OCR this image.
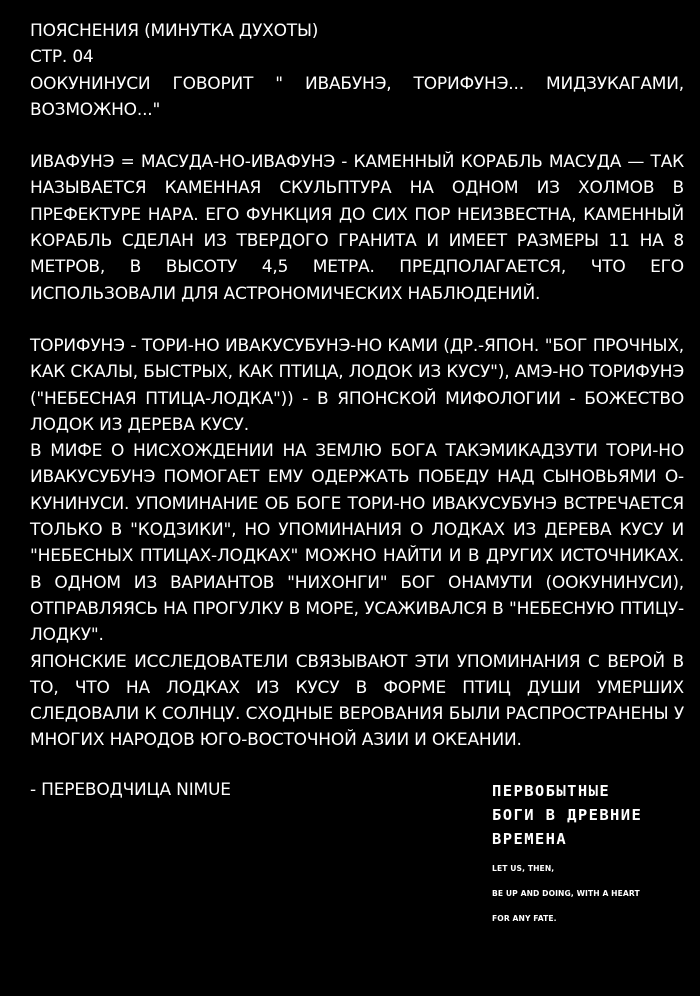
ПОЯСНЕНИЯ (МИНУТКА ДУХОТЫ)

СТР. 04

ООКУНИНУСИ ГОВОРИТ " ИВАБУНЭ, ТОРИФУНЭ... МИДЗУКАГАМИ, ВОЗМОЖНО..."

ИВАФУНЭ = МАСУДА-НО-ИВАФУНЭ - КАМЕННЫЙ КОРАБЛЬ МАСУДА — ТАК НАЗЫВАЕТСЯ КАМЕННАЯ СКУЛЬПТУРА НА ОДНОМ ИЗ ХОЛМОВ В ПРЕФЕКТУРЕ НАРА. ЕГО ФУНКЦИЯ ДО СИХ ПОР НЕИЗВЕСТНА, КАМЕННЫЙ КОРАБЛЬ СДЕЛАН ИЗ ТВЕРДОГО ГРАНИТА И ИМЕЕТ РАЗМЕРЫ 11 НА 8 МЕТРОВ, В ВЫСОТУ 4,5 МЕТРА. ПРЕДПОЛАГАЕТСЯ, ЧТО ЕГО ИСПОЛЬЗОВАЛИ ДЛЯ АСТРОНОМИЧЕСКИХ НАБЛЮДЕНИЙ.

ТОРИФУНЭ - ТОРИ-НО ИВАКУСУБУНЭ-НО КАМИ (ДР.-ЯПОН. "БОГ ПРОЧНЫХ, КАК СКАЛЫ, БЫСТРЫХ, КАК ПТИЦА, ЛОДОК ИЗ КУСУ"), АМЭ-НО ТОРИФУНЭ ("НЕБЕСНАЯ ПТИЦА-ЛОДКА")) - В ЯПОНСКОЙ МИФОЛОГИИ - БОЖЕСТВО ЛОДОК ИЗ ДЕРЕВА КУСУ.

В МИФЕ О НИСХОЖДЕНИИ НА ЗЕМЛЮ БОГА ТАКЭМИКАДЗУТИ ТОРИ-НО ИВАКУСУБУНЭ ПОМОГАЕТ ЕМУ ОДЕРЖАТЬ ПОБЕДУ НАД СЫНОВЬЯМИ О-КУНИНУСИ. УПОМИНАНИЕ ОБ БОГЕ ТОРИ-НО ИВАКУСУБУНЭ ВСТРЕЧАЕТСЯ ТОЛЬКО В "КОДЗИКИ", НО УПОМИНАНИЯ О ЛОДКАХ ИЗ ДЕРЕВА КУСУ И "НЕБЕСНЫХ ПТИЦАХ-ЛОДКАХ" МОЖНО НАЙТИ И В ДРУГИХ ИСТОЧНИКАХ. В ОДНОМ ИЗ ВАРИАНТОВ "НИХОНГИ" БОГ ОНАМУТИ (ООКУНИНУСИ), ОТПРАВЛЯЯСЬ НА ПРОГУЛКУ В МОРЕ, УСАЖИВАЛСЯ В "НЕБЕСНУЮ ПТИЦУ-ЛОДКУ".

ЯПОНСКИЕ ИССЛЕДОВАТЕЛИ СВЯЗЫВАЮТ ЭТИ УПОМИНАНИЯ С ВЕРОЙ В ТО, ЧТО НА ЛОДКАХ ИЗ КУСУ В ФОРМЕ ПТИЦ ДУШИ УМЕРШИХ СЛЕДОВАЛИ К СОЛНЦУ. СХОДНЫЕ ВЕРОВАНИЯ БЫЛИ РАСПРОСТРАНЕНЫ У МНОГИХ НАРОДОВ ЮГО-ВОСТОЧНОЙ АЗИИ И ОКЕАНИИ.

- ПЕРЕВОДЧИЦА NIMUE	ПЕРВОБЫТНЫЕ

БОГИ В ДРЕВНИЕ

ВРЕМЕНА

LET US, THEN,

BE UP AND DOING, WITH A HEART

FOR ANY FATE.
